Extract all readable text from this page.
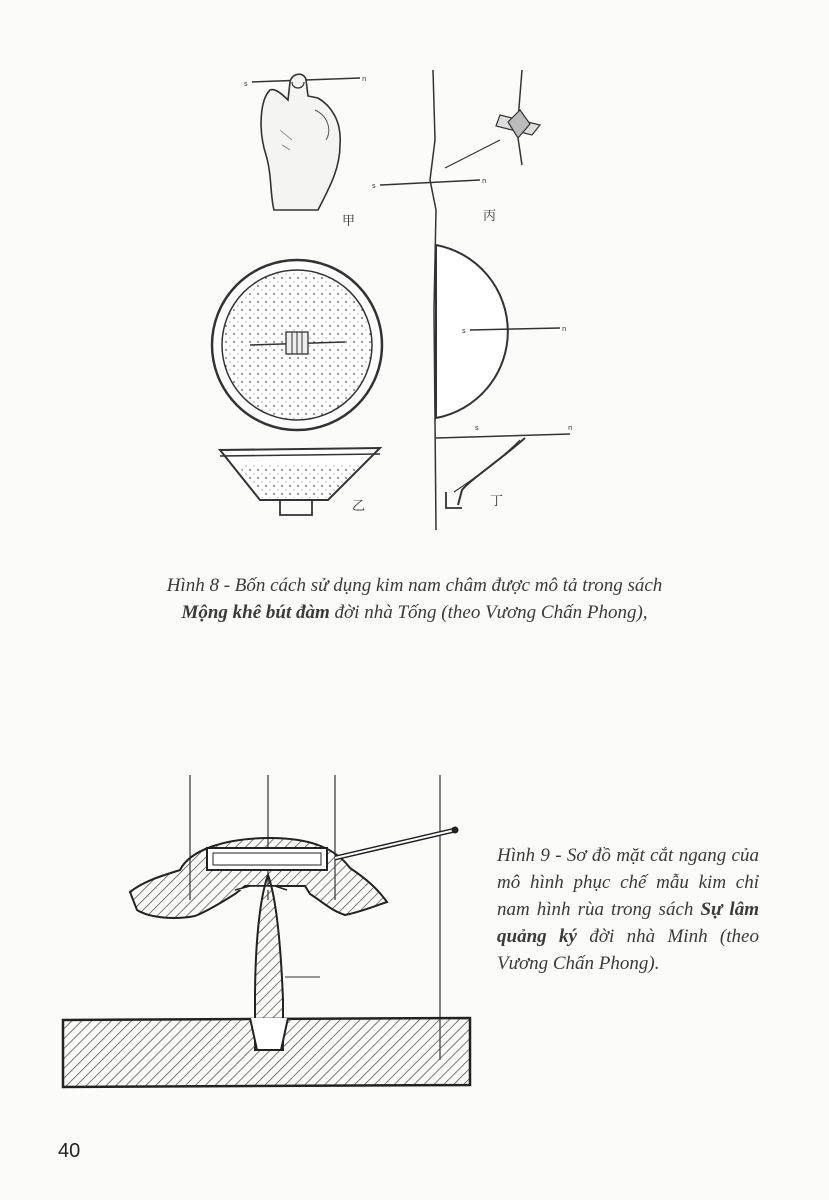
s
n
甲
s
n
丙
s	n
乙
s	n
丁
Hình 8 - Bốn cách sử dụng kim nam châm được mô tả trong sách
Mộng khê bút đàm đời nhà Tống (theo Vương Chấn Phong),
Hình 9 - Sơ đồ mặt cắt ngang của mô hình phục chế mẫu kim chỉ nam hình rùa trong sách Sự lâm quảng ký đời nhà Minh (theo Vương Chấn Phong).
40
